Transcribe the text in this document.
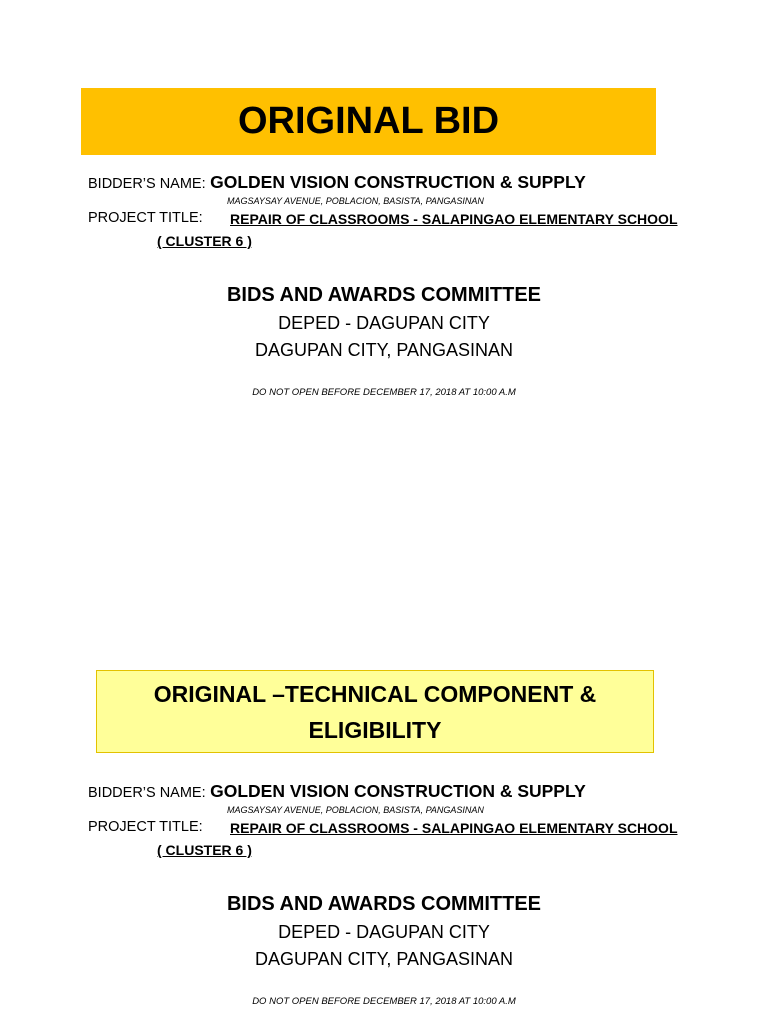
ORIGINAL BID
BIDDER’S NAME: GOLDEN VISION CONSTRUCTION & SUPPLY
MAGSAYSAY AVENUE, POBLACION, BASISTA, PANGASINAN
PROJECT TITLE: REPAIR OF CLASSROOMS - SALAPINGAO ELEMENTARY SCHOOL
( CLUSTER 6 )
BIDS AND AWARDS COMMITTEE
DEPED - DAGUPAN CITY
DAGUPAN CITY, PANGASINAN
DO NOT OPEN BEFORE DECEMBER 17, 2018 AT 10:00 A.M
ORIGINAL –TECHNICAL COMPONENT &
ELIGIBILITY
BIDDER’S NAME: GOLDEN VISION CONSTRUCTION & SUPPLY
MAGSAYSAY AVENUE, POBLACION, BASISTA, PANGASINAN
PROJECT TITLE: REPAIR OF CLASSROOMS - SALAPINGAO ELEMENTARY SCHOOL
( CLUSTER 6 )
BIDS AND AWARDS COMMITTEE
DEPED - DAGUPAN CITY
DAGUPAN CITY, PANGASINAN
DO NOT OPEN BEFORE DECEMBER 17, 2018 AT 10:00 A.M
